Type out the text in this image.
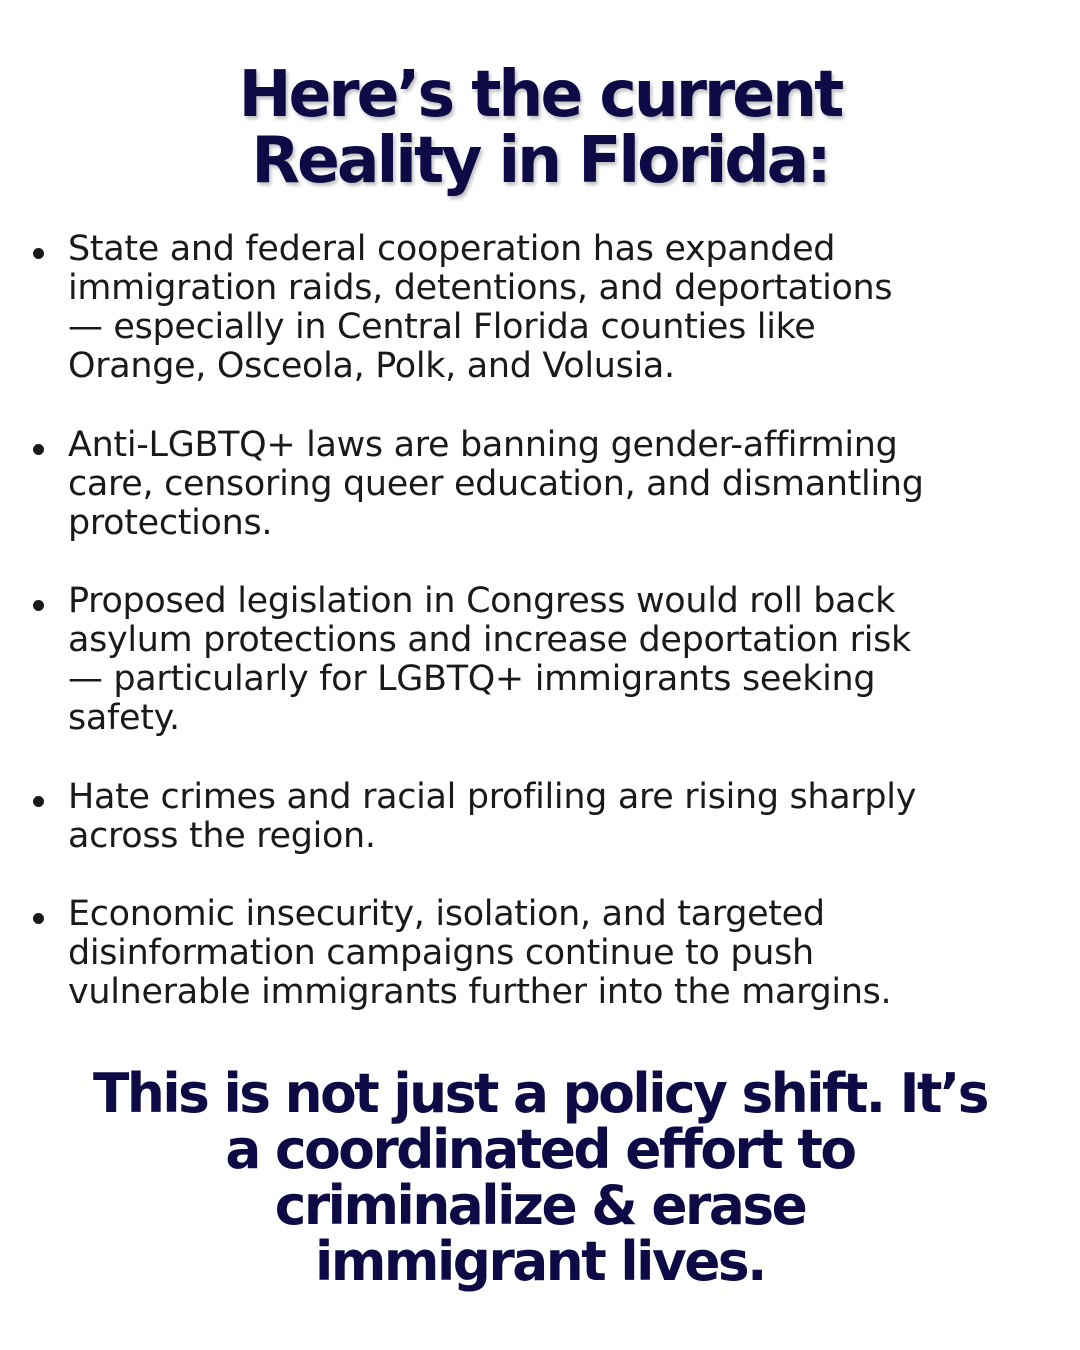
Here’s the current
Reality in Florida:
State and federal cooperation has expanded
immigration raids, detentions, and deportations
— especially in Central Florida counties like
Orange, Osceola, Polk, and Volusia.
Anti-LGBTQ+ laws are banning gender-affirming
care, censoring queer education, and dismantling
protections.
Proposed legislation in Congress would roll back
asylum protections and increase deportation risk
— particularly for LGBTQ+ immigrants seeking
safety.
Hate crimes and racial profiling are rising sharply
across the region.
Economic insecurity, isolation, and targeted
disinformation campaigns continue to push
vulnerable immigrants further into the margins.
This is not just a policy shift. It’s
a coordinated effort to
criminalize & erase
immigrant lives.
